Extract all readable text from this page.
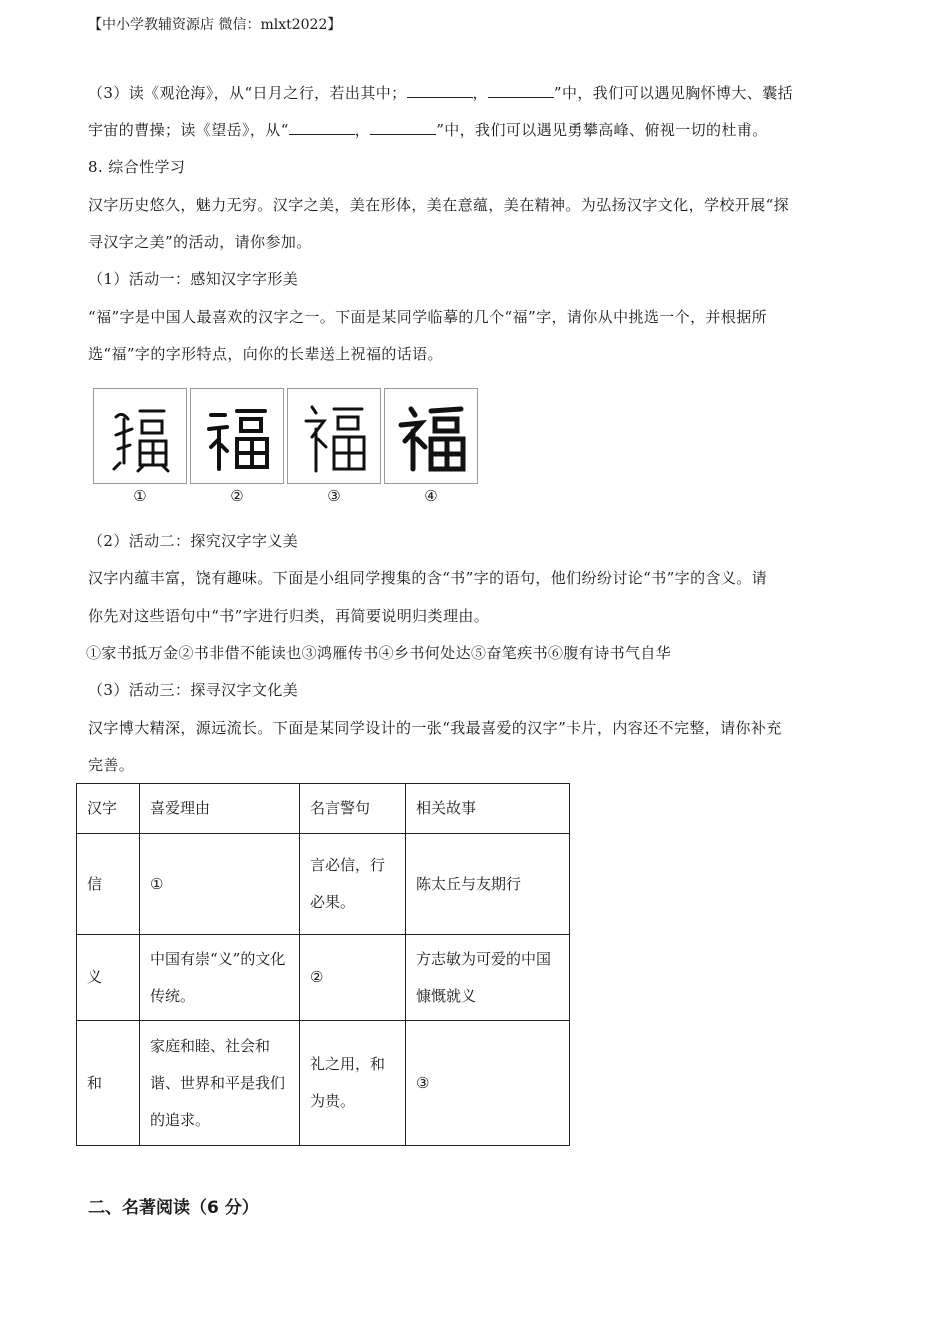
【中小学教辅资源店 微信：mlxt2022】

（3）读《观沧海》，从“日月之行，若出其中；	，	”中，我们可以遇见胸怀博大、囊括

宇宙的曹操；读《望岳》，从“	，	”中，我们可以遇见勇攀高峰、俯视一切的杜甫。

8. 综合性学习

汉字历史悠久，魅力无穷。汉字之美，美在形体，美在意蕴，美在精神。为弘扬汉字文化，学校开展“探

寻汉字之美”的活动，请你参加。

（1）活动一：感知汉字字形美

“福”字是中国人最喜欢的汉字之一。下面是某同学临摹的几个“福”字，请你从中挑选一个，并根据所

选“福”字的字形特点，向你的长辈送上祝福的话语。

①	②	③	④

（2）活动二：探究汉字字义美

汉字内蕴丰富，饶有趣味。下面是小组同学搜集的含“书”字的语句，他们纷纷讨论“书”字的含义。请

你先对这些语句中“书”字进行归类，再简要说明归类理由。

①家书抵万金②书非借不能读也③鸿雁传书④乡书何处达⑤奋笔疾书⑥腹有诗书气自华

（3）活动三：探寻汉字文化美

汉字博大精深，源远流长。下面是某同学设计的一张“我最喜爱的汉字”卡片，内容还不完整，请你补充

完善。

汉字	喜爱理由	名言警句	相关故事
信	①	言必信，行必果。	陈太丘与友期行
义	中国有崇“义”的文化传统。	②	方志敏为可爱的中国慷慨就义
和	家庭和睦、社会和谐、世界和平是我们的追求。	礼之用，和为贵。	③

二、名著阅读（6 分）
